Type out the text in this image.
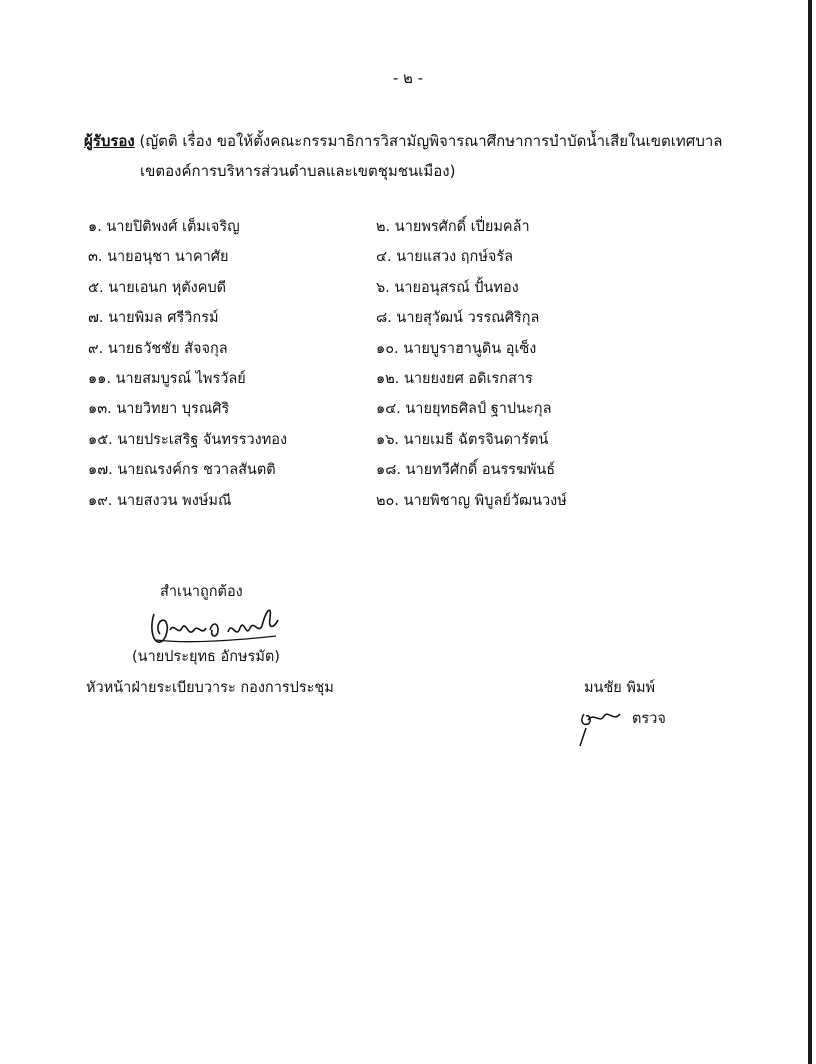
- ๒ -
ผู้รับรอง (ญัตติ เรื่อง ขอให้ตั้งคณะกรรมาธิการวิสามัญพิจารณาศึกษาการบำบัดน้ำเสียในเขตเทศบาล
เขตองค์การบริหารส่วนตำบลและเขตชุมชนเมือง)
๑. นายปิติพงศ์ เต็มเจริญ	๒. นายพรศักดิ์ เปี่ยมคล้า
๓. นายอนุชา นาคาศัย	๔. นายแสวง ฤกษ์จรัล
๕. นายเอนก หุตังคบดี	๖. นายอนุสรณ์ ปั้นทอง
๗. นายพิมล ศรีวิกรม์	๘. นายสุวัฒน์ วรรณศิริกุล
๙. นายธวัชชัย สัจจกุล	๑๐. นายบูราฮานูดิน อุเซ็ง
๑๑. นายสมบูรณ์ ไพรวัลย์	๑๒. นายยงยศ อดิเรกสาร
๑๓. นายวิทยา บุรณศิริ	๑๔. นายยุทธศิลป์ ฐาปนะกุล
๑๕. นายประเสริฐ จันทรรวงทอง	๑๖. นายเมธี ฉัตรจินดารัตน์
๑๗. นายณรงค์กร ชวาลสันตติ	๑๘. นายทวีศักดิ์ อนรรฆพันธ์
๑๙. นายสงวน พงษ์มณี	๒๐. นายพิชาญ พิบูลย์วัฒนวงษ์
สำเนาถูกต้อง
(นายประยุทธ อักษรมัต)
หัวหน้าฝ่ายระเบียบวาระ กองการประชุม	มนชัย พิมพ์
ตรวจ
